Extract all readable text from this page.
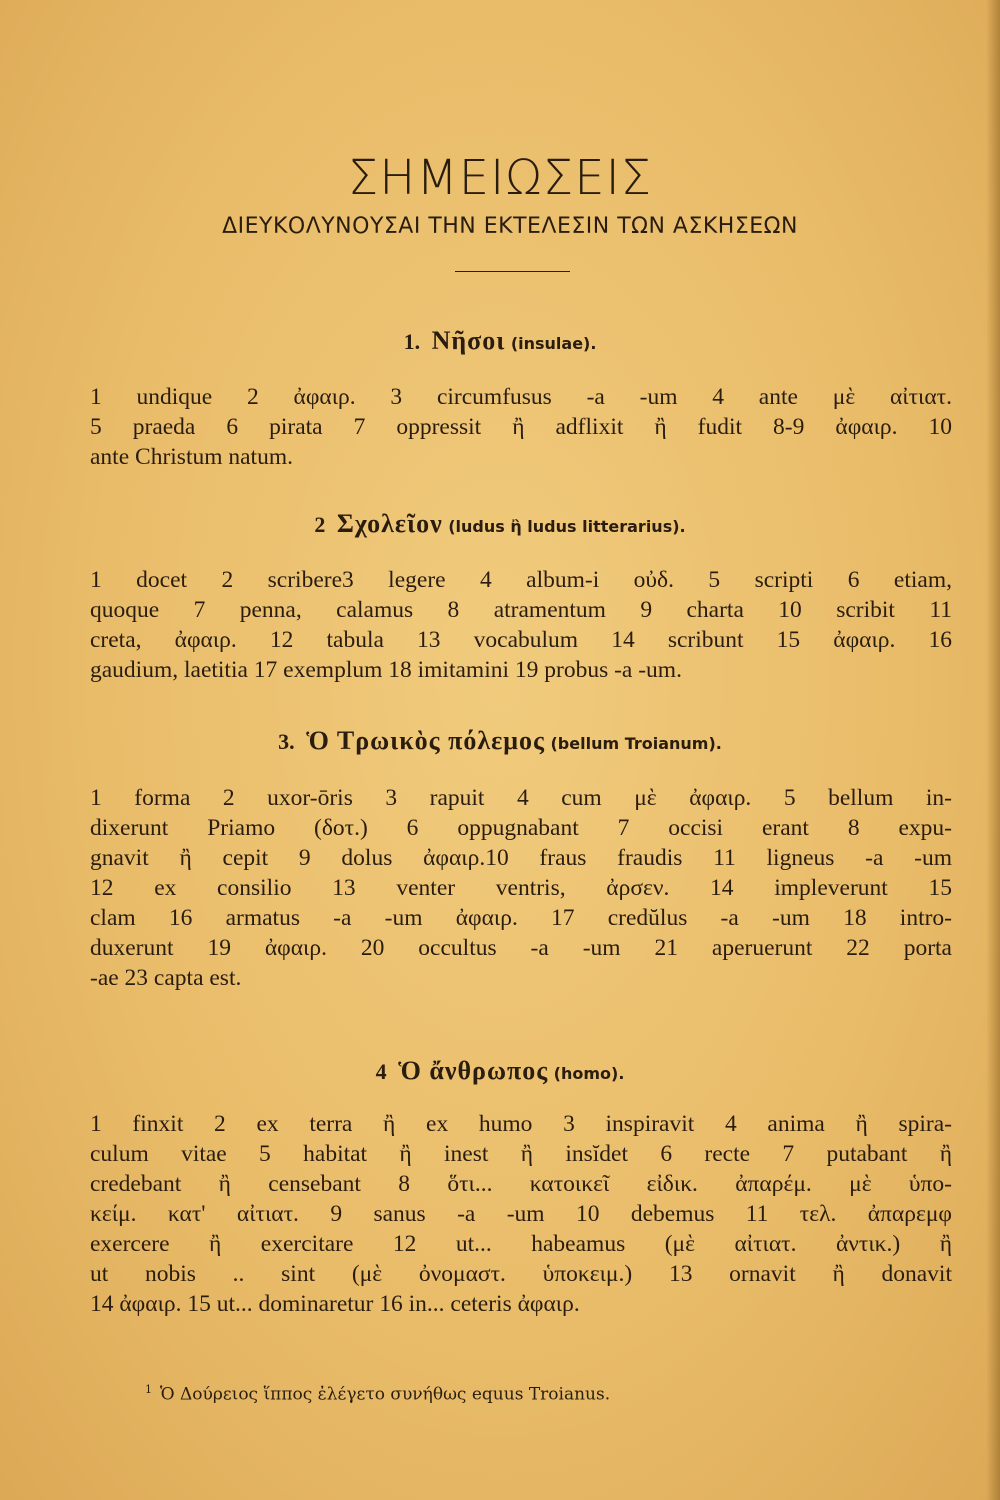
ΣΗΜΕΙΩΣΕΙΣ
ΔΙΕΥΚΟΛΥΝΟΥΣΑΙ ΤΗΝ ΕΚΤΕΛΕΣΙΝ ΤΩΝ ΑΣΚΗΣΕΩΝ
1. Νῆσοι (insulae).
1 undique 2 ἀφαιρ. 3 circumfusus -a -um 4 ante μὲ αἰτιατ.
5 praeda 6 pirata 7 oppressit ἢ adflixit ἢ fudit 8-9 ἀφαιρ. 10
ante Christum natum.
2 Σχολεῖον (ludus ἢ ludus litterarius).
1 docet 2 scribere3 legere 4 album-i οὐδ. 5 scripti 6 etiam,
quoque 7 penna, calamus 8 atramentum 9 charta 10 scribit 11
creta, ἀφαιρ. 12 tabula 13 vocabulum 14 scribunt 15 ἀφαιρ. 16
gaudium, laetitia 17 exemplum 18 imitamini 19 probus -a -um.
3. Ὁ Τρωικὸς πόλεμος (bellum Troianum).
1 forma 2 uxor-ōris 3 rapuit 4 cum μὲ ἀφαιρ. 5 bellum in-
dixerunt Priamo (δοτ.) 6 oppugnabant 7 occisi erant 8 expu-
gnavit ἢ cepit 9 dolus ἀφαιρ.10 fraus fraudis 11 ligneus -a -um
12 ex consilio 13 venter ventris, ἀρσεν. 14 impleverunt 15
clam 16 armatus -a -um ἀφαιρ. 17 credŭlus -a -um 18 intro-
duxerunt 19 ἀφαιρ. 20 occultus -a -um 21 aperuerunt 22 porta
-ae 23 capta est.
4 Ὁ ἄνθρωπος (homo).
1 finxit 2 ex terra ἢ ex humo 3 inspiravit 4 anima ἢ spira-
culum vitae 5 habitat ἢ inest ἢ insĭdet 6 recte 7 putabant ἢ
credebant ἢ censebant 8 ὅτι... κατοικεῖ εἰδικ. ἀπαρέμ. μὲ ὑπο-
κείμ. κατ' αἰτιατ. 9 sanus -a -um 10 debemus 11 τελ. ἀπαρεμφ
exercere ἢ exercitare 12 ut... habeamus (μὲ αἰτιατ. ἀντικ.) ἢ
ut nobis .. sint (μὲ ὀνομαστ. ὑποκειμ.) 13 ornavit ἢ donavit
14 ἀφαιρ. 15 ut... dominaretur 16 in... ceteris ἀφαιρ.
$^1$ Ὁ Δούρειος ἵππος ἐλέγετο συνήθως equus Troianus.
